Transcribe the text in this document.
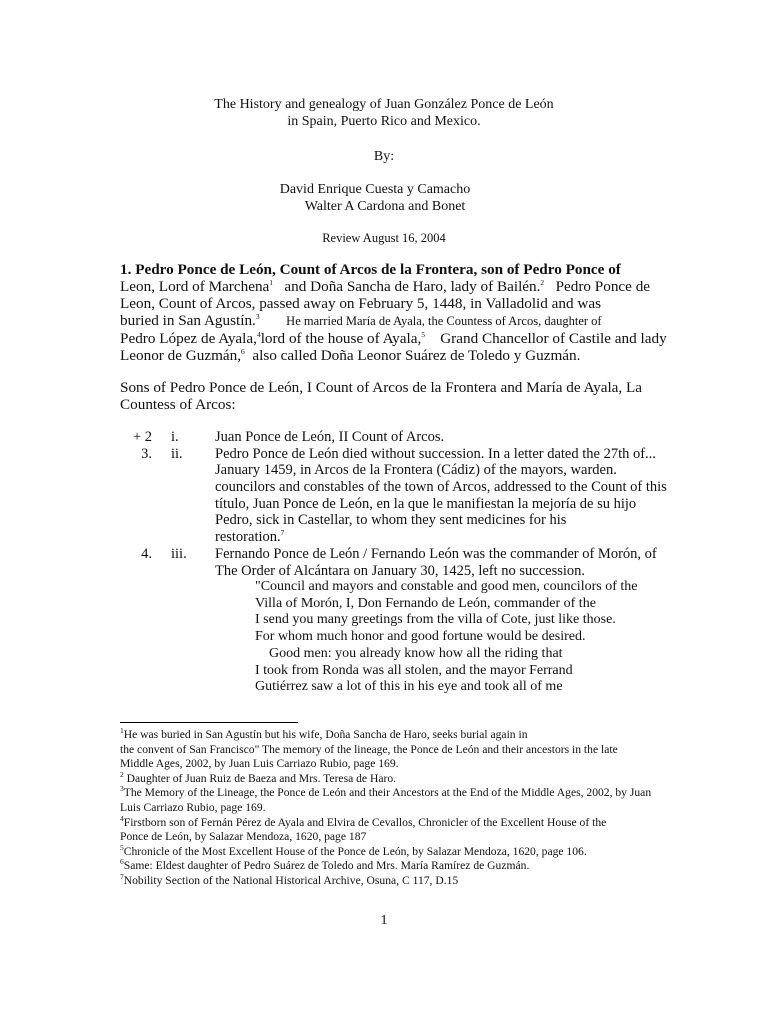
The History and genealogy of Juan González Ponce de León
in Spain, Puerto Rico and Mexico.
By:
David Enrique Cuesta y Camacho
Walter A Cardona and Bonet
Review August 16, 2004
1. Pedro Ponce de León, Count of Arcos de la Frontera, son of Pedro Ponce of
Leon, Lord of Marchena$^1$ and Doña Sancha de Haro, lady of Bailén.$^2$ Pedro Ponce de
Leon, Count of Arcos, passed away on February 5, 1448, in Valladolid and was
buried in San Agustín.$^3$ He married María de Ayala, the Countess of Arcos, daughter of
Pedro López de Ayala,$^4$lord of the house of Ayala,$^5$ Grand Chancellor of Castile and lady
Leonor de Guzmán,$^6$ also called Doña Leonor Suárez de Toledo y Guzmán.
Sons of Pedro Ponce de León, I Count of Arcos de la Frontera and María de Ayala, La
Countess of Arcos:
+ 2 i.	Juan Ponce de León, II Count of Arcos.
3. ii. Pedro Ponce de León died without succession. In a letter dated the 27th of...
January 1459, in Arcos de la Frontera (Cádiz) of the mayors, warden.
councilors and constables of the town of Arcos, addressed to the Count of this
título, Juan Ponce de León, en la que le manifiestan la mejoría de su hijo
Pedro, sick in Castellar, to whom they sent medicines for his
restoration.$^7$
4. iii. Fernando Ponce de León / Fernando León was the commander of Morón, of
The Order of Alcántara on January 30, 1425, left no succession.
"Council and mayors and constable and good men, councilors of the
Villa of Morón, I, Don Fernando de León, commander of the
I send you many greetings from the villa of Cote, just like those.
For whom much honor and good fortune would be desired.
Good men: you already know how all the riding that
I took from Ronda was all stolen, and the mayor Ferrand
Gutiérrez saw a lot of this in his eye and took all of me
$^1$He was buried in San Agustín but his wife, Doña Sancha de Haro, seeks burial again in
the convent of San Francisco" The memory of the lineage, the Ponce de León and their ancestors in the late
Middle Ages, 2002, by Juan Luis Carriazo Rubio, page 169.
$^2$ Daughter of Juan Ruiz de Baeza and Mrs. Teresa de Haro.
$^3$The Memory of the Lineage, the Ponce de León and their Ancestors at the End of the Middle Ages, 2002, by Juan
Luis Carriazo Rubio, page 169.
$^4$Firstborn son of Fernán Pérez de Ayala and Elvira de Cevallos, Chronicler of the Excellent House of the
Ponce de León, by Salazar Mendoza, 1620, page 187
$^5$Chronicle of the Most Excellent House of the Ponce de León, by Salazar Mendoza, 1620, page 106.
$^6$Same: Eldest daughter of Pedro Suárez de Toledo and Mrs. María Ramírez de Guzmán.
$^7$Nobility Section of the National Historical Archive, Osuna, C 117, D.15
1
